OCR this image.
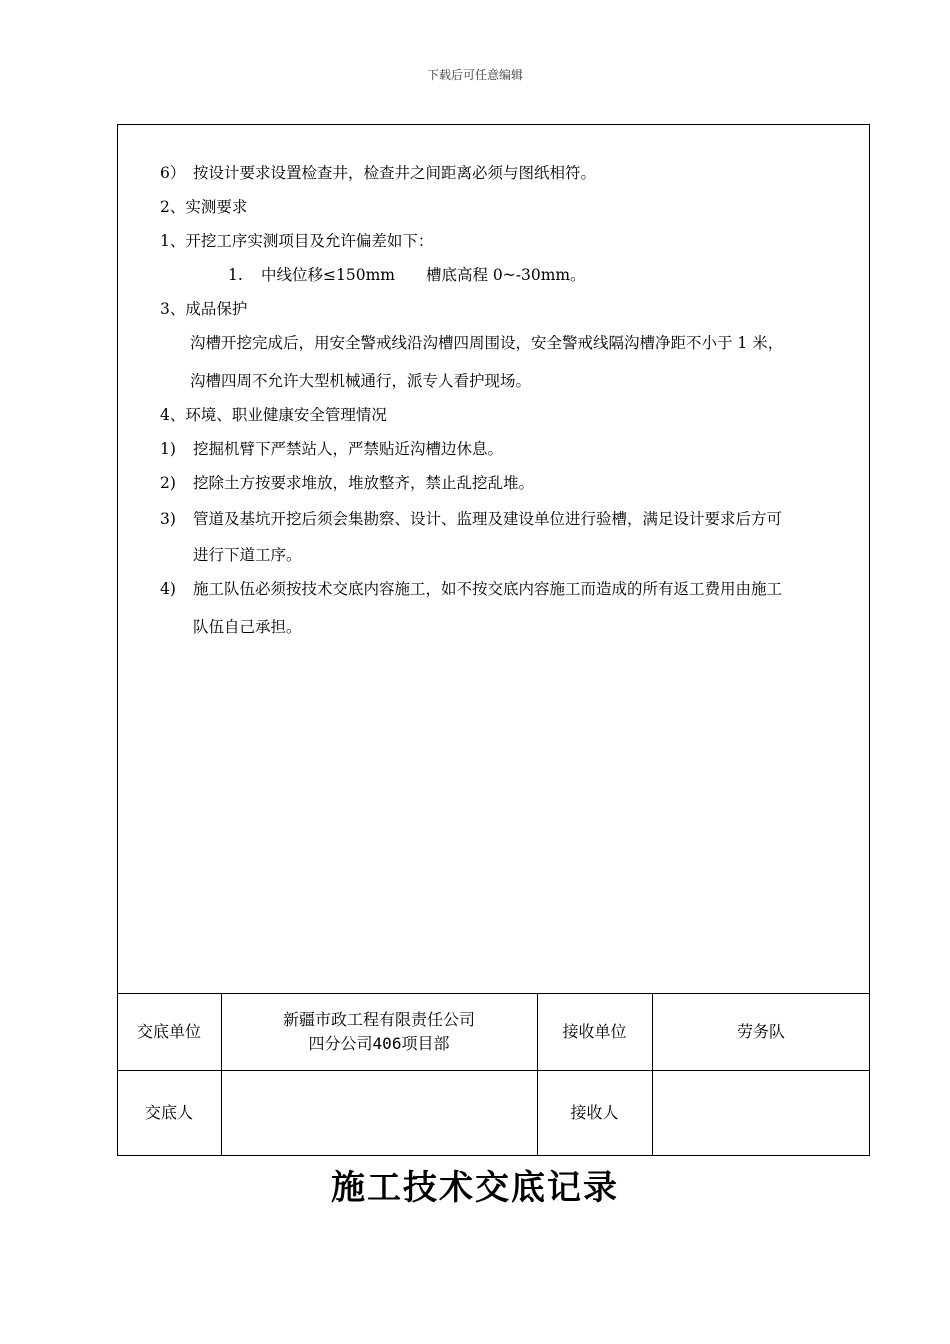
下载后可任意编辑
6） 按设计要求设置检查井，检查井之间距离必须与图纸相符。
2、实测要求
1、开挖工序实测项目及允许偏差如下：
1. 中线位移≤150mm　　槽底高程 0~-30mm。
3、成品保护
沟槽开挖完成后，用安全警戒线沿沟槽四周围设，安全警戒线隔沟槽净距不小于 1 米，
沟槽四周不允许大型机械通行，派专人看护现场。
4、环境、职业健康安全管理情况
1) 挖掘机臂下严禁站人，严禁贴近沟槽边休息。
2) 挖除土方按要求堆放，堆放整齐，禁止乱挖乱堆。
3) 管道及基坑开挖后须会集勘察、设计、监理及建设单位进行验槽，满足设计要求后方可
进行下道工序。
4) 施工队伍必须按技术交底内容施工，如不按交底内容施工而造成的所有返工费用由施工
队伍自己承担。
交底单位
新疆市政工程有限责任公司
四分公司406项目部
接收单位	劳务队
交底人	接收人
施工技术交底记录
